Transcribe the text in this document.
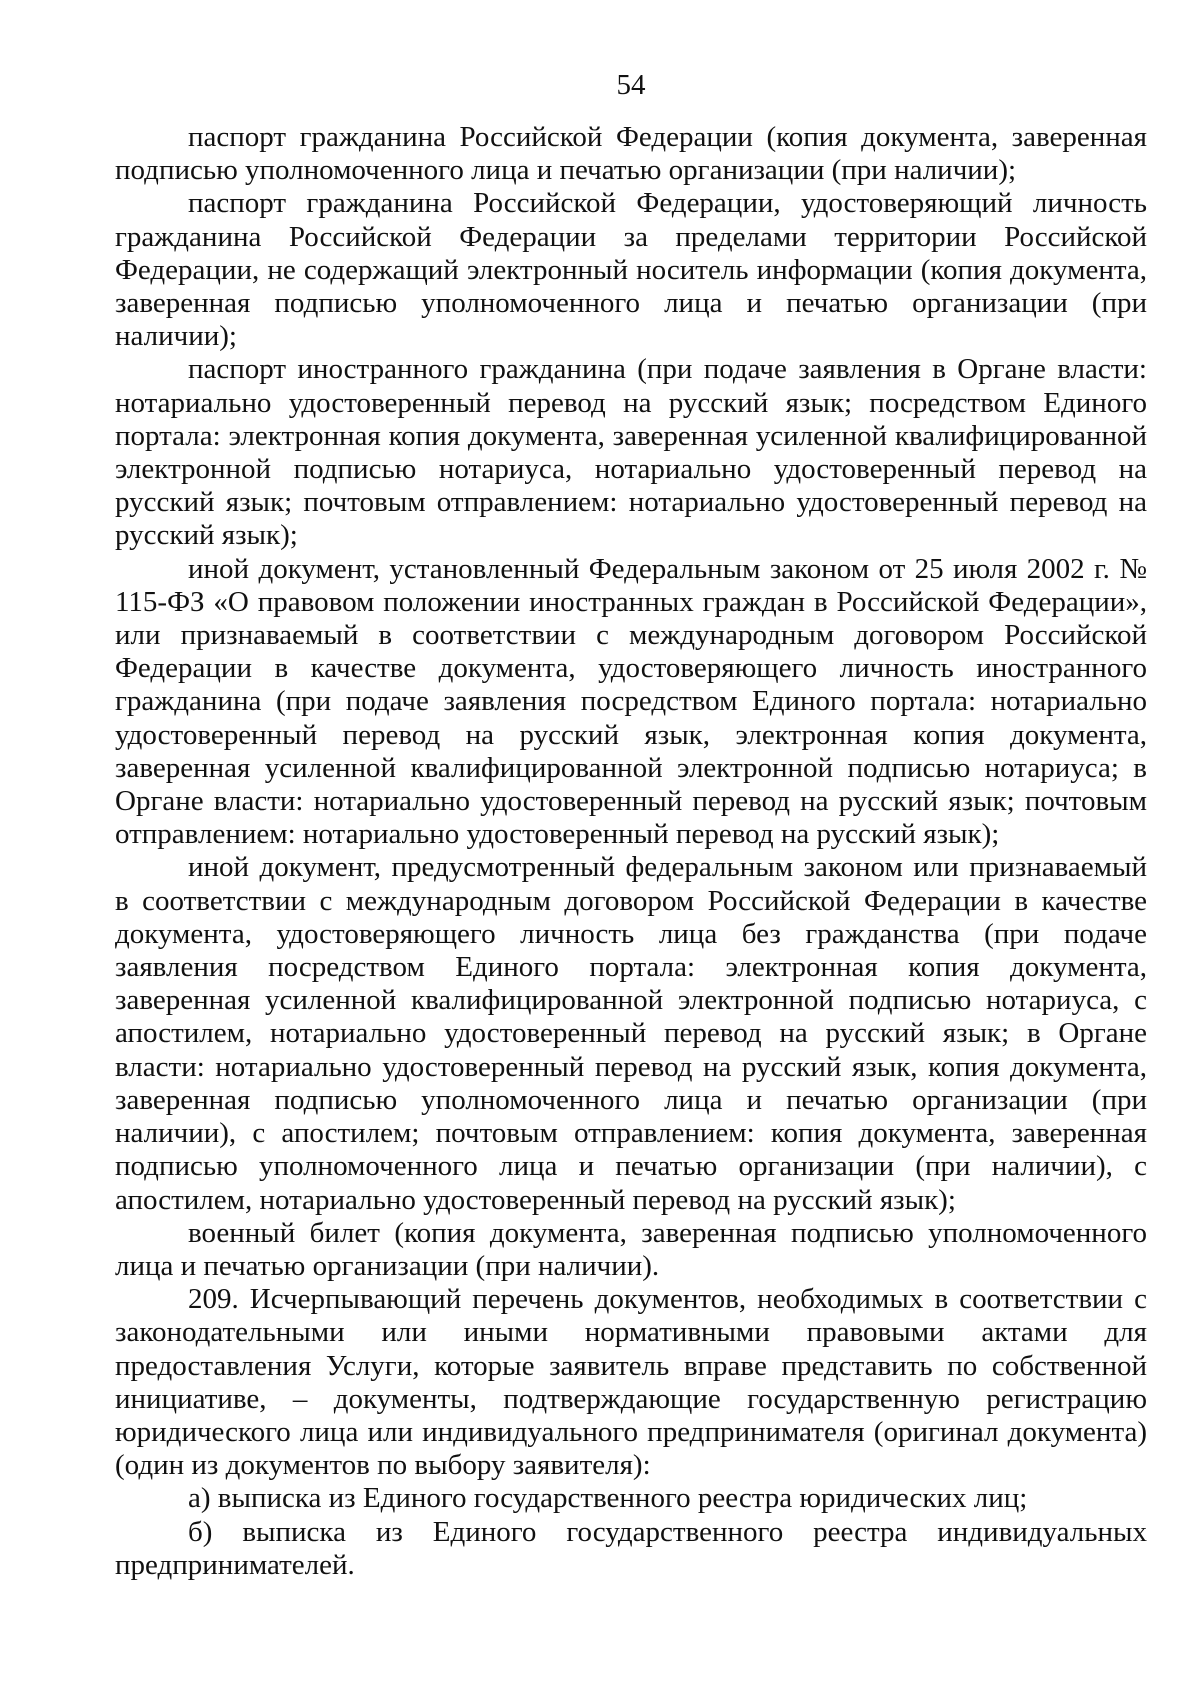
54

паспорт гражданина Российской Федерации (копия документа, заверенная подписью уполномоченного лица и печатью организации (при наличии);

паспорт гражданина Российской Федерации, удостоверяющий личность гражданина Российской Федерации за пределами территории Российской Федерации, не содержащий электронный носитель информации (копия документа, заверенная подписью уполномоченного лица и печатью организации (при наличии);

паспорт иностранного гражданина (при подаче заявления в Органе власти: нотариально удостоверенный перевод на русский язык; посредством Единого портала: электронная копия документа, заверенная усиленной квалифицированной электронной подписью нотариуса, нотариально удостоверенный перевод на русский язык; почтовым отправлением: нотариально удостоверенный перевод на русский язык);

иной документ, установленный Федеральным законом от 25 июля 2002 г. № 115-ФЗ «О правовом положении иностранных граждан в Российской Федерации», или признаваемый в соответствии с международным договором Российской Федерации в качестве документа, удостоверяющего личность иностранного гражданина (при подаче заявления посредством Единого портала: нотариально удостоверенный перевод на русский язык, электронная копия документа, заверенная усиленной квалифицированной электронной подписью нотариуса; в Органе власти: нотариально удостоверенный перевод на русский язык; почтовым отправлением: нотариально удостоверенный перевод на русский язык);

иной документ, предусмотренный федеральным законом или признаваемый в соответствии с международным договором Российской Федерации в качестве документа, удостоверяющего личность лица без гражданства (при подаче заявления посредством Единого портала: электронная копия документа, заверенная усиленной квалифицированной электронной подписью нотариуса, с апостилем, нотариально удостоверенный перевод на русский язык; в Органе власти: нотариально удостоверенный перевод на русский язык, копия документа, заверенная подписью уполномоченного лица и печатью организации (при наличии), с апостилем; почтовым отправлением: копия документа, заверенная подписью уполномоченного лица и печатью организации (при наличии), с апостилем, нотариально удостоверенный перевод на русский язык);

военный билет (копия документа, заверенная подписью уполномоченного лица и печатью организации (при наличии).

209. Исчерпывающий перечень документов, необходимых в соответствии с законодательными или иными нормативными правовыми актами для предоставления Услуги, которые заявитель вправе представить по собственной инициативе, – документы, подтверждающие государственную регистрацию юридического лица или индивидуального предпринимателя (оригинал документа) (один из документов по выбору заявителя):

а) выписка из Единого государственного реестра юридических лиц;

б) выписка из Единого государственного реестра индивидуальных предпринимателей.
